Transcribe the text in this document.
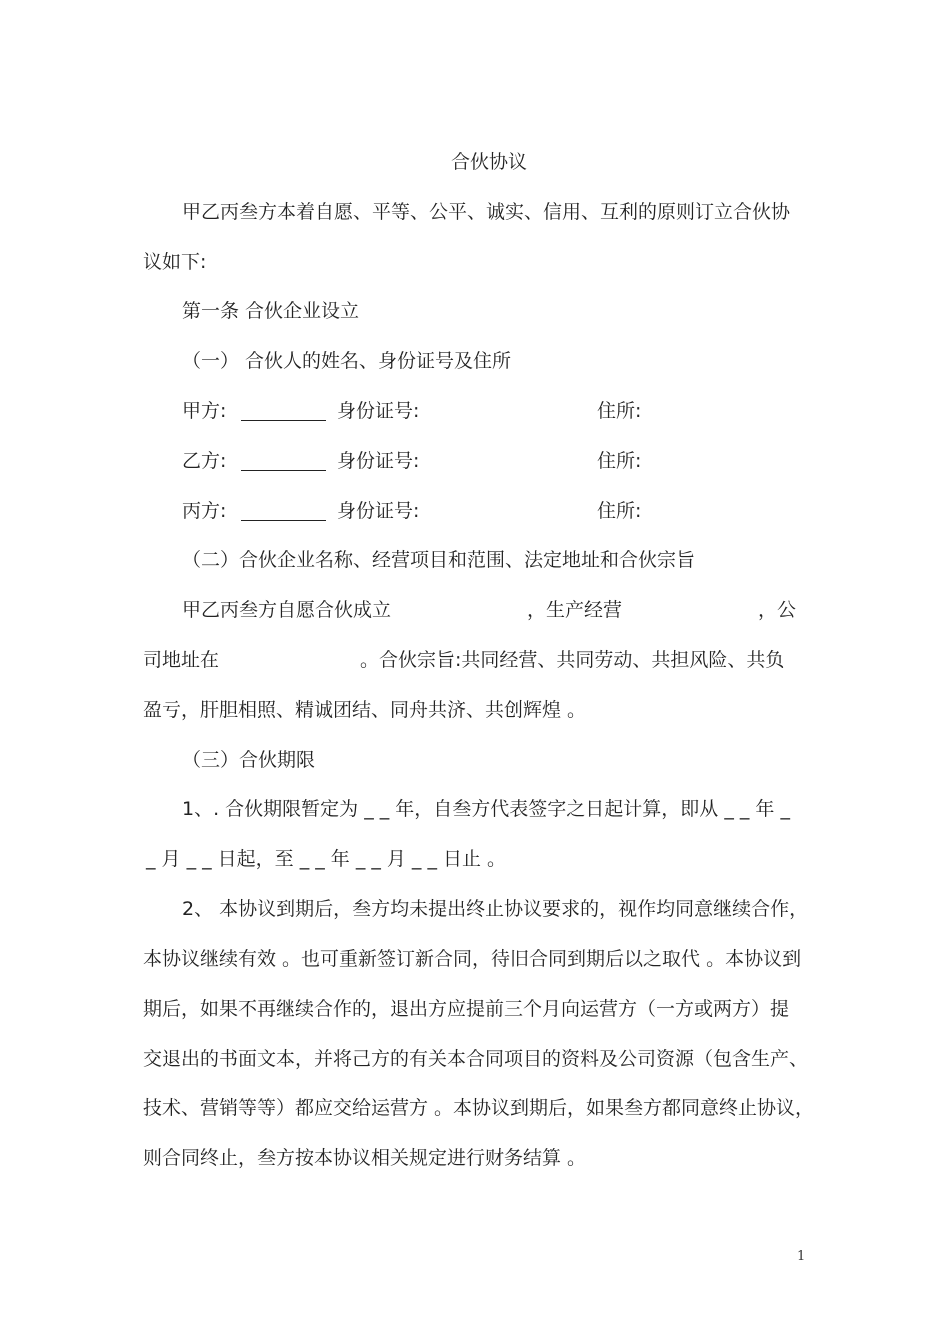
合伙协议
甲乙丙叁方本着自愿、平等、公平、诚实、信用、互利的原则订立合伙协
议如下:
第一条 合伙企业设立
（一） 合伙人的姓名、身份证号及住所
甲方:	身份证号:	住所:
乙方:	身份证号:	住所:
丙方:	身份证号:	住所:
（二）合伙企业名称、经营项目和范围、法定地址和合伙宗旨
甲乙丙叁方自愿合伙成立	，生产经营	，公
司地址在	。合伙宗旨:共同经营、共同劳动、共担风险、共负
盈亏，肝胆相照、精诚团结、同舟共济、共创辉煌 。
（三）合伙期限
1、. 合伙期限暂定为 _ _ 年，自叁方代表签字之日起计算，即从 _ _ 年 _
_ 月 _ _ 日起，至 _ _ 年 _ _ 月 _ _ 日止 。
2、 本协议到期后，叁方均未提出终止协议要求的，视作均同意继续合作，
本协议继续有效 。也可重新签订新合同，待旧合同到期后以之取代 。本协议到
期后，如果不再继续合作的，退出方应提前三个月向运营方（一方或两方）提
交退出的书面文本，并将己方的有关本合同项目的资料及公司资源（包含生产、
技术、营销等等）都应交给运营方 。本协议到期后，如果叁方都同意终止协议，
则合同终止，叁方按本协议相关规定进行财务结算 。
1
